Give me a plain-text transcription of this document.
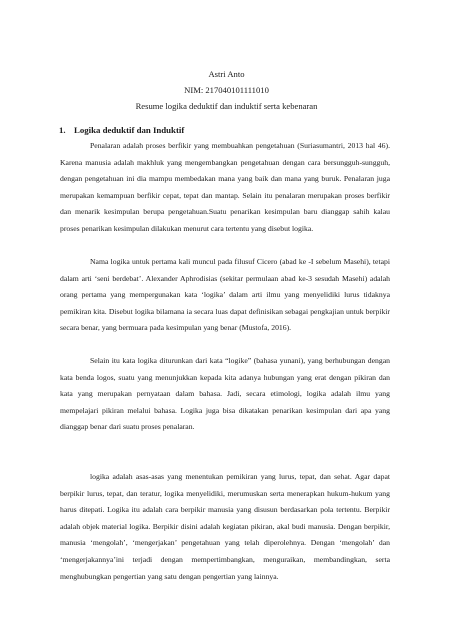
Astri Anto
NIM: 217040101111010
Resume logika deduktif dan induktif serta kebenaran
1. Logika deduktif dan Induktif

Penalaran adalah proses berfikir yang membuahkan pengetahuan (Suriasumantri, 2013 hal 46). Karena manusia adalah makhluk yang mengembangkan pengetahuan dengan cara bersungguh-sungguh, dengan pengetahuan ini dia mampu membedakan mana yang baik dan mana yang buruk. Penalaran juga merupakan kemampuan berfikir cepat, tepat dan mantap. Selain itu penalaran merupakan proses berfikir dan menarik kesimpulan berupa pengetahuan.Suatu penarikan kesimpulan baru dianggap sahih kalau proses penarikan kesimpulan dilakukan menurut cara tertentu yang disebut logika.

Nama logika untuk pertama kali muncul pada filusuf Cicero (abad ke -I sebelum Masehi), tetapi dalam arti ‘seni berdebat’. Alexander Aphrodisias (sekitar permulaan abad ke-3 sesudah Masehi) adalah orang pertama yang mempergunakan kata ‘logika’ dalam arti ilmu yang menyelidiki lurus tidaknya pemikiran kita. Disebut logika bilamana ia secara luas dapat definisikan sebagai pengkajian untuk berpikir secara benar, yang bermuara pada kesimpulan yang benar (Mustofa, 2016).

Selain itu kata logika diturunkan dari kata “logike” (bahasa yunani), yang berhubungan dengan kata benda logos, suatu yang menunjukkan kepada kita adanya hubungan yang erat dengan pikiran dan kata yang merupakan pernyataan dalam bahasa. Jadi, secara etimologi, logika adalah ilmu yang mempelajari pikiran melalui bahasa. Logika juga bisa dikatakan penarikan kesimpulan dari apa yang dianggap benar dari suatu proses penalaran.

logika adalah asas-asas yang menentukan pemikiran yang lurus, tepat, dan sehat. Agar dapat berpikir lurus, tepat, dan teratur, logika menyelidiki, merumuskan serta menerapkan hukum-hukum yang harus ditepati. Logika itu adalah cara berpikir manusia yang disusun berdasarkan pola tertentu. Berpikir adalah objek material logika. Berpikir disini adalah kegiatan pikiran, akal budi manusia. Dengan berpikir, manusia ‘mengolah’, ‘mengerjakan’ pengetahuan yang telah diperolehnya. Dengan ‘mengolah’ dan ‘mengerjakannya’ini terjadi dengan mempertimbangkan, menguraikan, membandingkan, serta menghubungkan pengertian yang satu dengan pengertian yang lainnya.
